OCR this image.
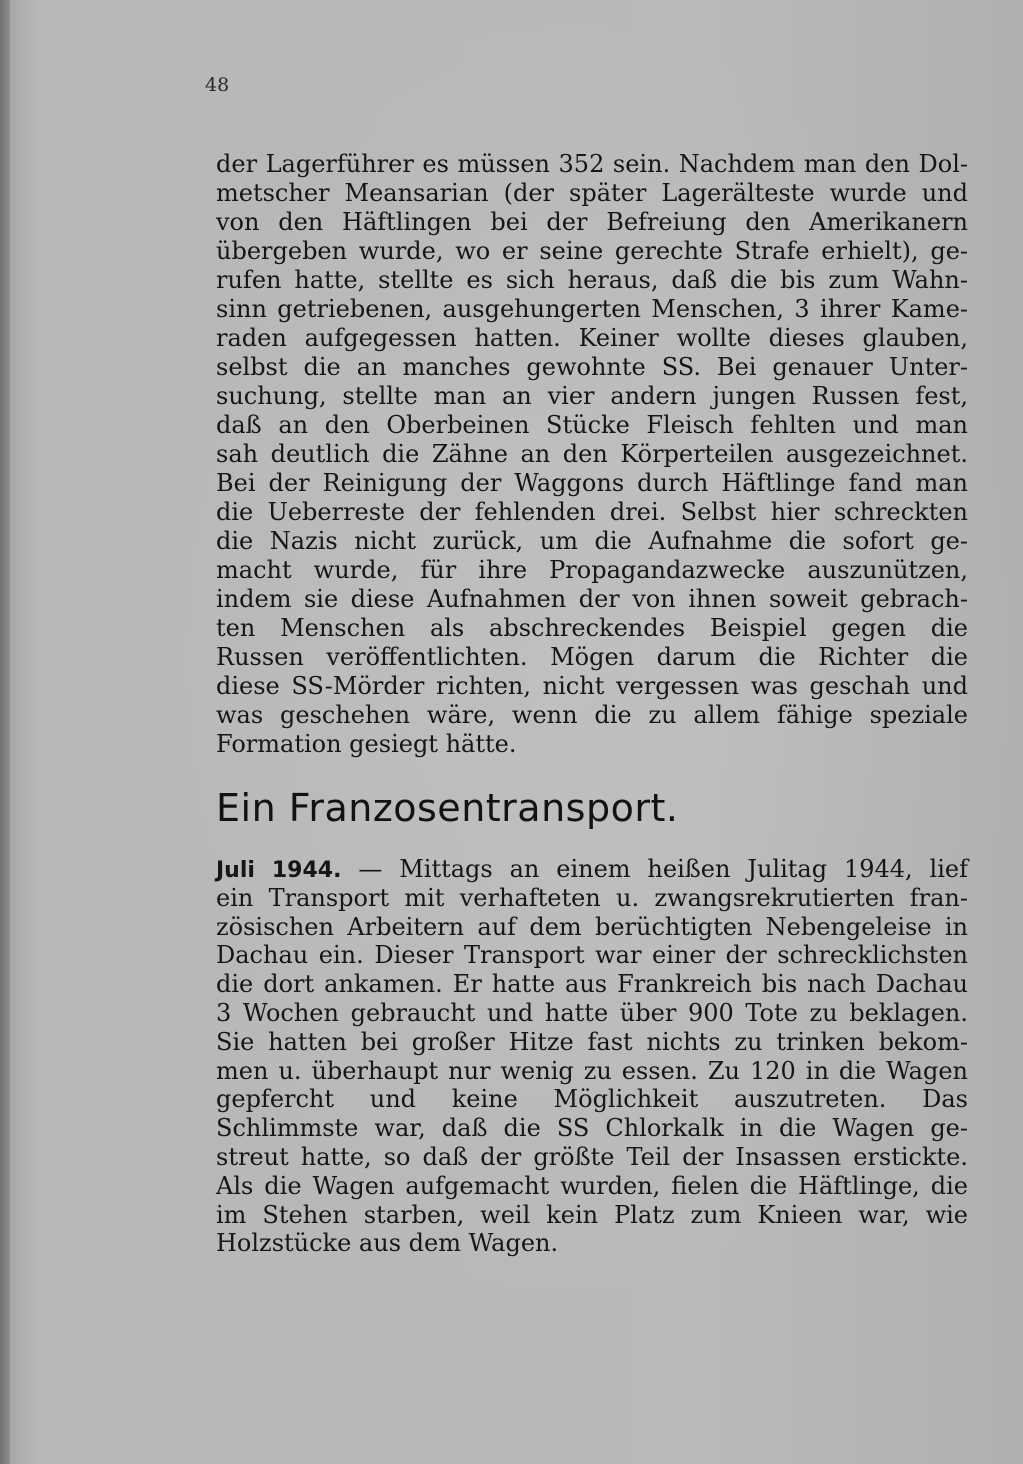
48
der Lagerführer es müssen 352 sein. Nachdem man den Dol-
metscher Meansarian (der später Lagerälteste wurde und
von den Häftlingen bei der Befreiung den Amerikanern
übergeben wurde, wo er seine gerechte Strafe erhielt), ge-
rufen hatte, stellte es sich heraus, daß die bis zum Wahn-
sinn getriebenen, ausgehungerten Menschen, 3 ihrer Kame-
raden aufgegessen hatten. Keiner wollte dieses glauben,
selbst die an manches gewohnte SS. Bei genauer Unter-
suchung, stellte man an vier andern jungen Russen fest,
daß an den Oberbeinen Stücke Fleisch fehlten und man
sah deutlich die Zähne an den Körperteilen ausgezeichnet.
Bei der Reinigung der Waggons durch Häftlinge fand man
die Ueberreste der fehlenden drei. Selbst hier schreckten
die Nazis nicht zurück, um die Aufnahme die sofort ge-
macht wurde, für ihre Propagandazwecke auszunützen,
indem sie diese Aufnahmen der von ihnen soweit gebrach-
ten Menschen als abschreckendes Beispiel gegen die
Russen veröffentlichten. Mögen darum die Richter die
diese SS-Mörder richten, nicht vergessen was geschah und
was geschehen wäre, wenn die zu allem fähige speziale
Formation gesiegt hätte.
Ein Franzosentransport.
Juli 1944. — Mittags an einem heißen Julitag 1944, lief
ein Transport mit verhafteten u. zwangsrekrutierten fran-
zösischen Arbeitern auf dem berüchtigten Nebengeleise in
Dachau ein. Dieser Transport war einer der schrecklichsten
die dort ankamen. Er hatte aus Frankreich bis nach Dachau
3 Wochen gebraucht und hatte über 900 Tote zu beklagen.
Sie hatten bei großer Hitze fast nichts zu trinken bekom-
men u. überhaupt nur wenig zu essen. Zu 120 in die Wagen
gepfercht und keine Möglichkeit auszutreten. Das
Schlimmste war, daß die SS Chlorkalk in die Wagen ge-
streut hatte, so daß der größte Teil der Insassen erstickte.
Als die Wagen aufgemacht wurden, fielen die Häftlinge, die
im Stehen starben, weil kein Platz zum Knieen war, wie
Holzstücke aus dem Wagen.
